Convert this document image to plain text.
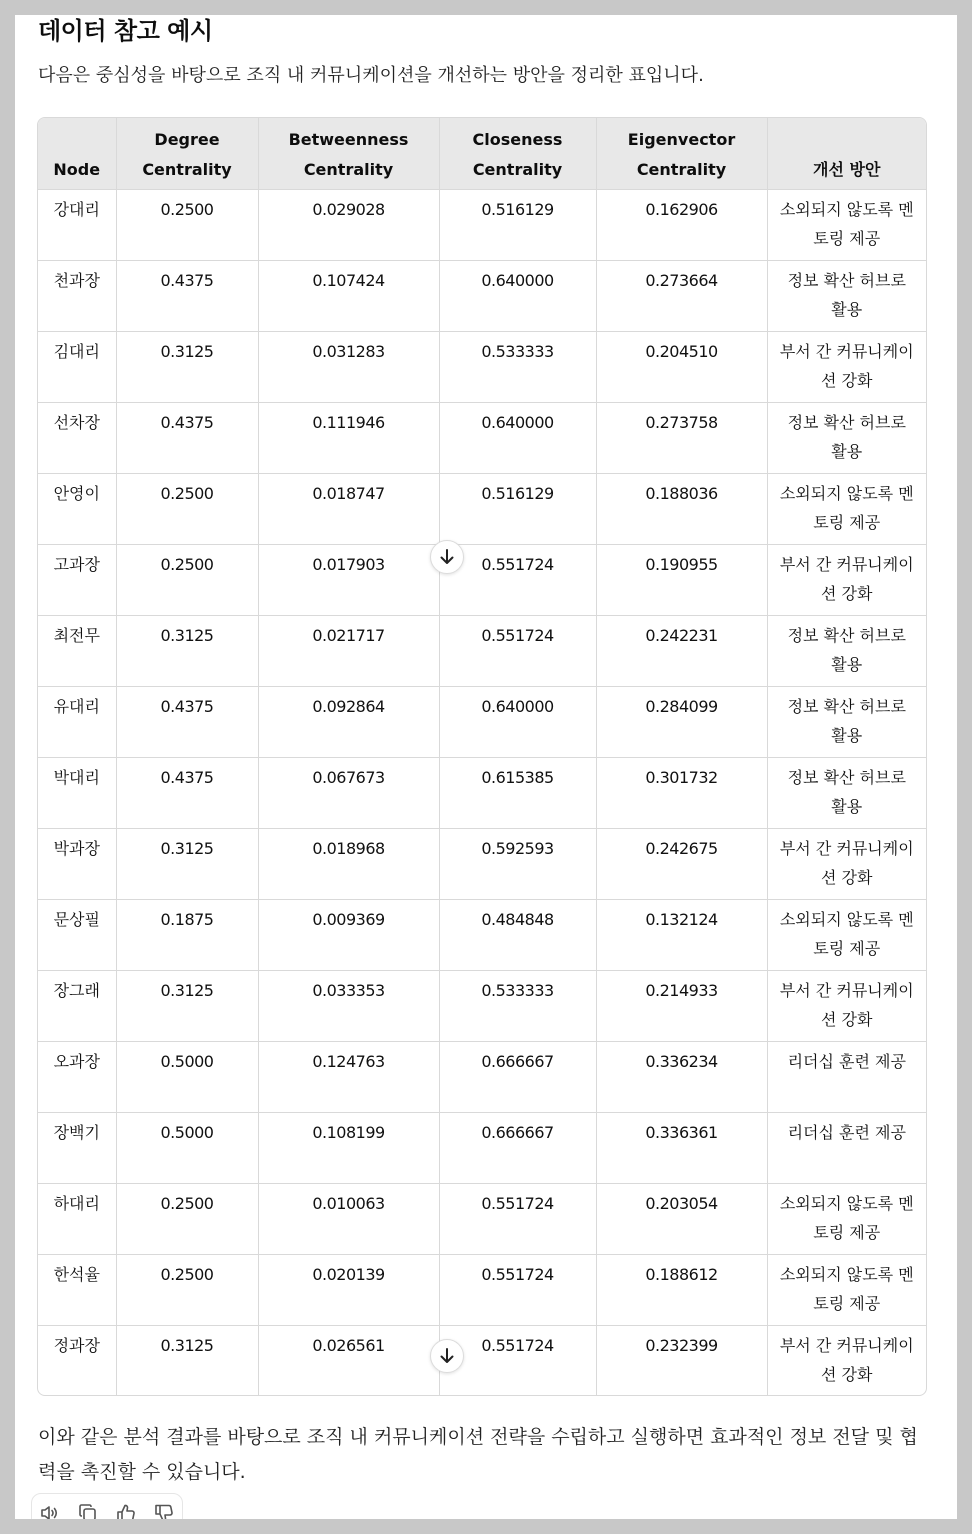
데이터 참고 예시

다음은 중심성을 바탕으로 조직 내 커뮤니케이션을 개선하는 방안을 정리한 표입니다.

Node	Degree Centrality	Betweenness Centrality	Closeness Centrality	Eigenvector Centrality	개선 방안
강대리	0.2500	0.029028	0.516129	0.162906	소외되지 않도록 멘토링 제공
천과장	0.4375	0.107424	0.640000	0.273664	정보 확산 허브로 활용
김대리	0.3125	0.031283	0.533333	0.204510	부서 간 커뮤니케이션 강화
선차장	0.4375	0.111946	0.640000	0.273758	정보 확산 허브로 활용
안영이	0.2500	0.018747	0.516129	0.188036	소외되지 않도록 멘토링 제공
고과장	0.2500	0.017903	0.551724	0.190955	부서 간 커뮤니케이션 강화
최전무	0.3125	0.021717	0.551724	0.242231	정보 확산 허브로 활용
유대리	0.4375	0.092864	0.640000	0.284099	정보 확산 허브로 활용
박대리	0.4375	0.067673	0.615385	0.301732	정보 확산 허브로 활용
박과장	0.3125	0.018968	0.592593	0.242675	부서 간 커뮤니케이션 강화
문상필	0.1875	0.009369	0.484848	0.132124	소외되지 않도록 멘토링 제공
장그래	0.3125	0.033353	0.533333	0.214933	부서 간 커뮤니케이션 강화
오과장	0.5000	0.124763	0.666667	0.336234	리더십 훈련 제공
장백기	0.5000	0.108199	0.666667	0.336361	리더십 훈련 제공
하대리	0.2500	0.010063	0.551724	0.203054	소외되지 않도록 멘토링 제공
한석율	0.2500	0.020139	0.551724	0.188612	소외되지 않도록 멘토링 제공
정과장	0.3125	0.026561	0.551724	0.232399	부서 간 커뮤니케이션 강화

이와 같은 분석 결과를 바탕으로 조직 내 커뮤니케이션 전략을 수립하고 실행하면 효과적인 정보 전달 및 협력을 촉진할 수 있습니다.
